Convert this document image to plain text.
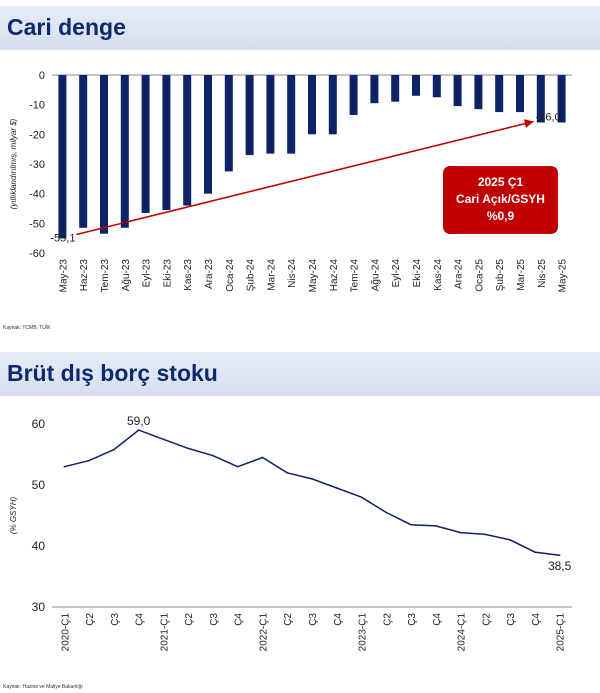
Cari denge
0
-10
-20
-30
-40
-50
-60
(yıllıklandırılmış, milyar $)
May-23 Haz-23 Tem-23 Ağu-23 Eyl-23 Eki-23 Kas-23 Ara-23 Oca-24 Şub-24 Mar-24 Nis-24 May-24 Haz-24 Tem-24 Ağu-24 Eyl-24 Eki-24 Kas-24 Ara-24 Oca-25 Şub-25 Mar-25 Nis-25 May-25
-55,1
-16,0
2025 Ç1
Cari Açık/GSYH
%0,9
Kaynak: TCMB, TÜİK
Brüt dış borç stoku
30
40
50
60
(% GSYH)
2020-Ç1 Ç2 Ç3 Ç4 2021-Ç1 Ç2 Ç3 Ç4 2022-Ç1 Ç2 Ç3 Ç4 2023-Ç1 Ç2 Ç3 Ç4 2024-Ç1 Ç2 Ç3 Ç4 2025-Ç1
59,0
38,5
Kaynak: Hazine ve Maliye Bakanlığı
